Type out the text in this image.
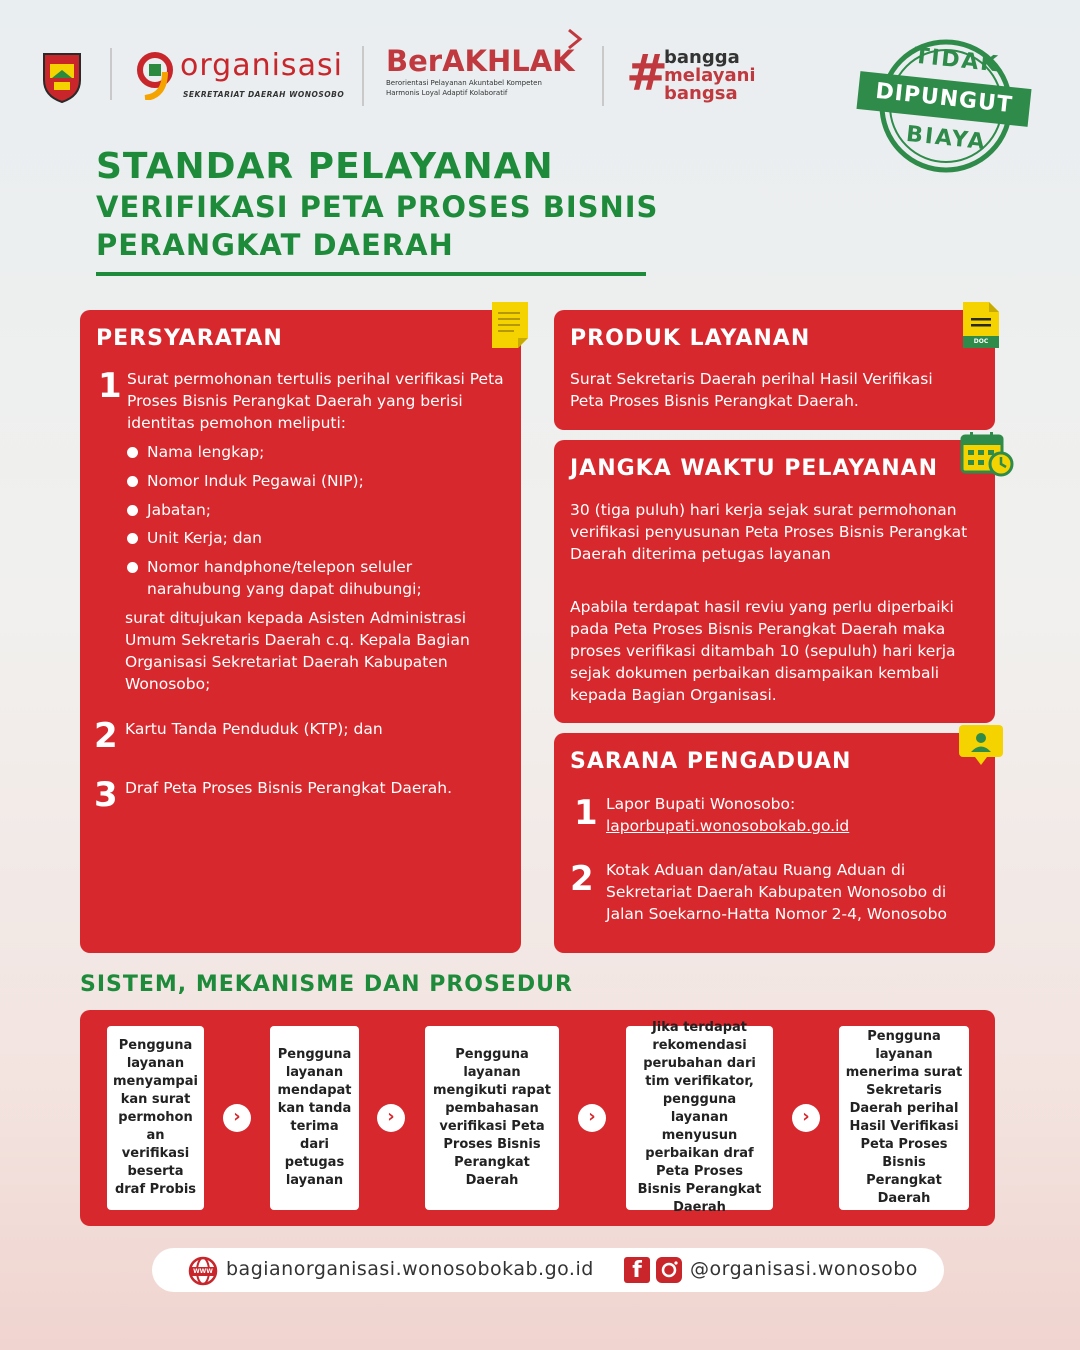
organisasi
SEKRETARIAT DAERAH WONOSOBO
BerAKHLAK
Berorientasi Pelayanan Akuntabel Kompeten
Harmonis Loyal Adaptif Kolaboratif	#
bangga
melayani
bangsa
TIDAK
DIPUNGUT
BIAYA
STANDAR PELAYANAN
VERIFIKASI PETA PROSES BISNIS
PERANGKAT DAERAH
PERSYARATAN
1 Surat permohonan tertulis perihal verifikasi Peta Proses Bisnis Perangkat Daerah yang berisi identitas pemohon meliputi:
Nama lengkap;
Nomor Induk Pegawai (NIP);
Jabatan;
Unit Kerja; dan
Nomor handphone/telepon seluler narahubung yang dapat dihubungi;
surat ditujukan kepada Asisten Administrasi Umum Sekretaris Daerah c.q. Kepala Bagian Organisasi Sekretariat Daerah Kabupaten Wonosobo;
2 Kartu Tanda Penduduk (KTP); dan
3 Draf Peta Proses Bisnis Perangkat Daerah.
PRODUK LAYANAN
Surat Sekretaris Daerah perihal Hasil Verifikasi Peta Proses Bisnis Perangkat Daerah.
DOC
JANGKA WAKTU PELAYANAN
30 (tiga puluh) hari kerja sejak surat permohonan verifikasi penyusunan Peta Proses Bisnis Perangkat Daerah diterima petugas layanan
Apabila terdapat hasil reviu yang perlu diperbaiki pada Peta Proses Bisnis Perangkat Daerah maka proses verifikasi ditambah 10 (sepuluh) hari kerja sejak dokumen perbaikan disampaikan kembali kepada Bagian Organisasi.
SARANA PENGADUAN
1 Lapor Bupati Wonosobo:
laporbupati.wonosobokab.go.id
2 Kotak Aduan dan/atau Ruang Aduan di Sekretariat Daerah Kabupaten Wonosobo di Jalan Soekarno-Hatta Nomor 2-4, Wonosobo
SISTEM, MEKANISME DAN PROSEDUR
Pengguna layanan menyampai kan surat permohon an verifikasi beserta draf Probis
›
Pengguna layanan mendapat kan tanda terima dari petugas layanan
›
Pengguna layanan mengikuti rapat pembahasan verifikasi Peta Proses Bisnis Perangkat Daerah
›
Jika terdapat rekomendasi perubahan dari tim verifikator, pengguna layanan menyusun perbaikan draf Peta Proses Bisnis Perangkat Daerah
›
Pengguna layanan menerima surat Sekretaris Daerah perihal Hasil Verifikasi Peta Proses Bisnis Perangkat Daerah
WWW bagianorganisasi.wonosobokab.go.id	f	@organisasi.wonosobo
